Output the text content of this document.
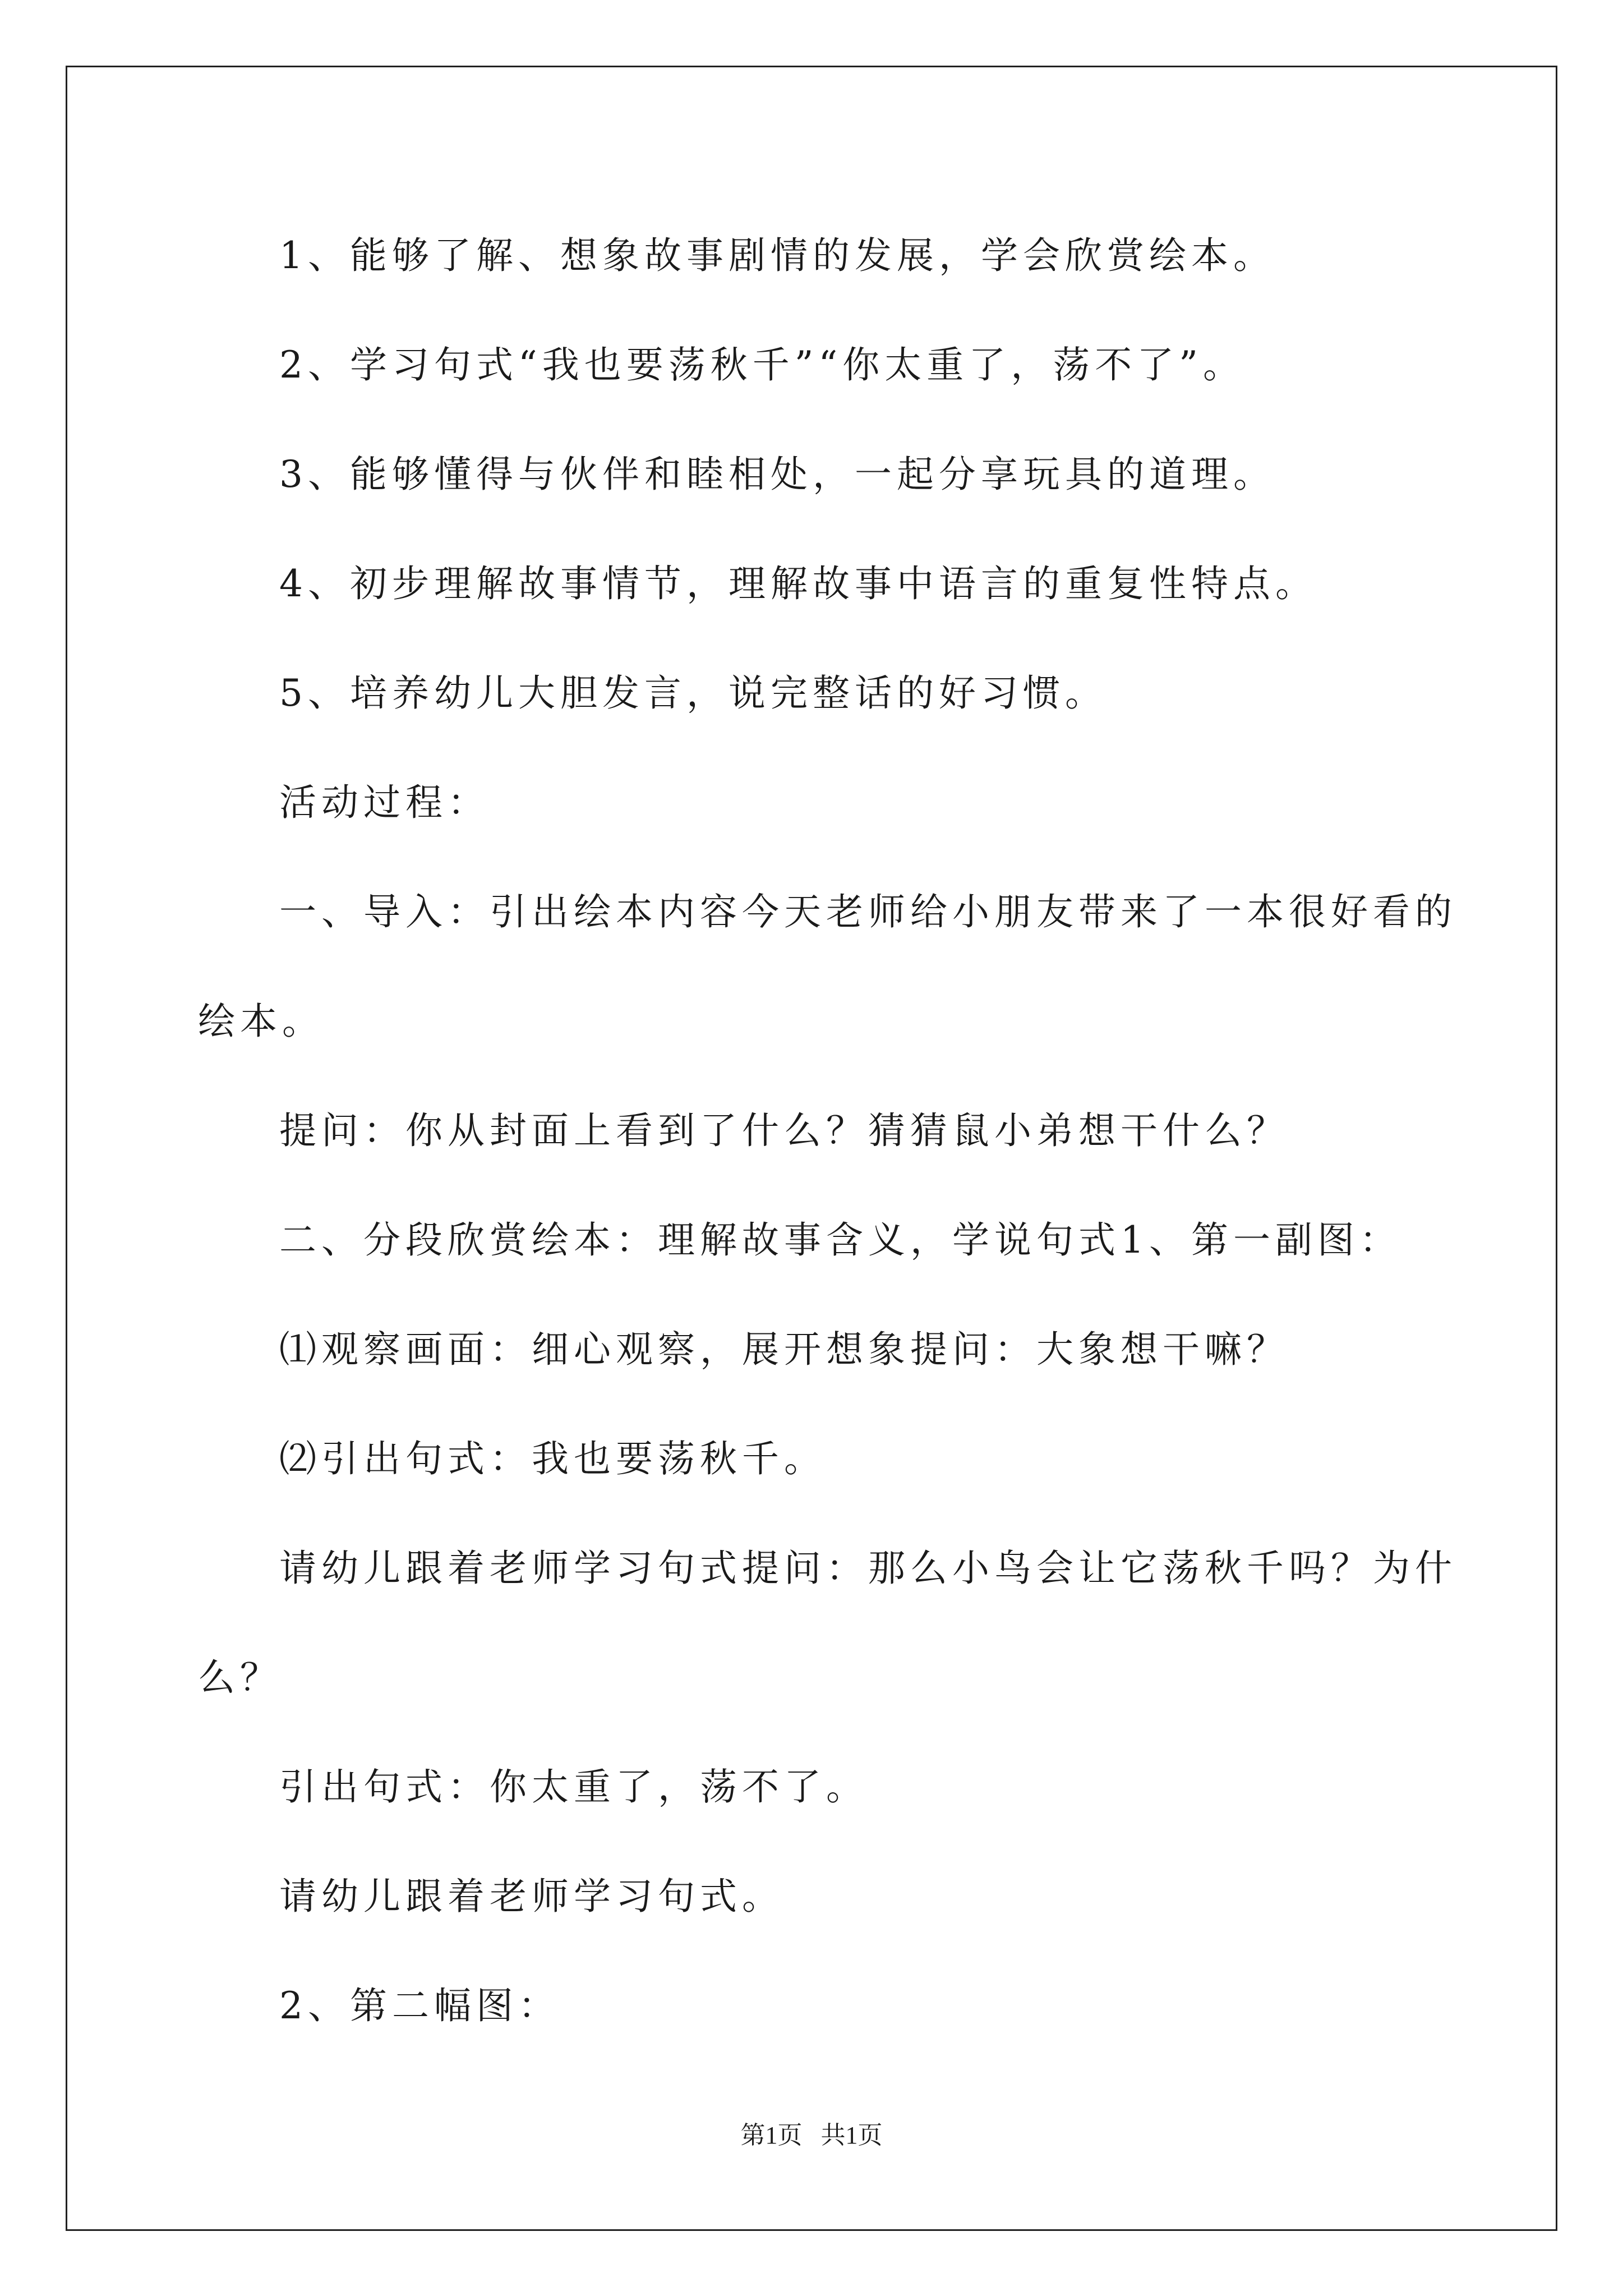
1、能够了解、想象故事剧情的发展，学会欣赏绘本。
2、学习句式“我也要荡秋千”“你太重了，荡不了”。
3、能够懂得与伙伴和睦相处，一起分享玩具的道理。
4、初步理解故事情节，理解故事中语言的重复性特点。
5、培养幼儿大胆发言，说完整话的好习惯。
活动过程：
一、导入：引出绘本内容今天老师给小朋友带来了一本很好看的
绘本。
提问：你从封面上看到了什么？猜猜鼠小弟想干什么？
二、分段欣赏绘本：理解故事含义，学说句式1、第一副图：
⑴观察画面：细心观察，展开想象提问：大象想干嘛？
⑵引出句式：我也要荡秋千。
请幼儿跟着老师学习句式提问：那么小鸟会让它荡秋千吗？为什
么？
引出句式：你太重了，荡不了。
请幼儿跟着老师学习句式。
2、第二幅图：
第1页   共1页
